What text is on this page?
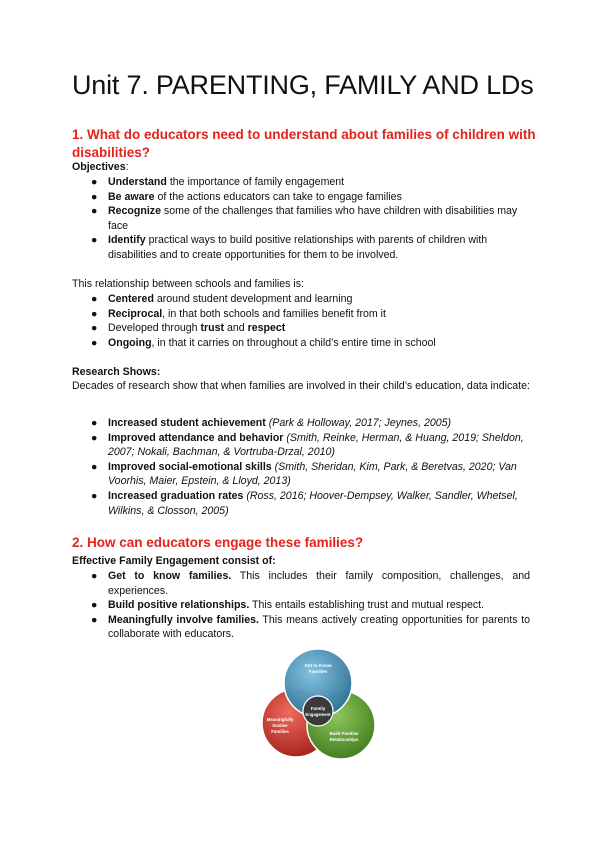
Unit 7. PARENTING, FAMILY AND LDs
1. What do educators need to understand about families of children with disabilities?
Objectives:
● Understand the importance of family engagement
● Be aware of the actions educators can take to engage families
● Recognize some of the challenges that families who have children with disabilities may face
● Identify practical ways to build positive relationships with parents of children with disabilities and to create opportunities for them to be involved.
This relationship between schools and families is:
● Centered around student development and learning
● Reciprocal, in that both schools and families benefit from it
● Developed through trust and respect
● Ongoing, in that it carries on throughout a child’s entire time in school
Research Shows:
Decades of research show that when families are involved in their child’s education, data indicate:
● Increased student achievement (Park & Holloway, 2017; Jeynes, 2005)
● Improved attendance and behavior (Smith, Reinke, Herman, & Huang, 2019; Sheldon, 2007; Nokali, Bachman, & Vortruba-Drzal, 2010)
● Improved social-emotional skills (Smith, Sheridan, Kim, Park, & Beretvas, 2020; Van Voorhis, Maier, Epstein, & Lloyd, 2013)
● Increased graduation rates (Ross, 2016; Hoover-Dempsey, Walker, Sandler, Whetsel, Wilkins, & Closson, 2005)
2. How can educators engage these families?
Effective Family Engagement consist of:
● Get to know families. This includes their family composition, challenges, and experiences.
● Build positive relationships. This entails establishing trust and mutual respect.
● Meaningfully involve families. This means actively creating opportunities for parents to collaborate with educators.
Get to Know
Families
Meaningfully
Involve
Families	Build Positive
Relationships
Family
Engagement
